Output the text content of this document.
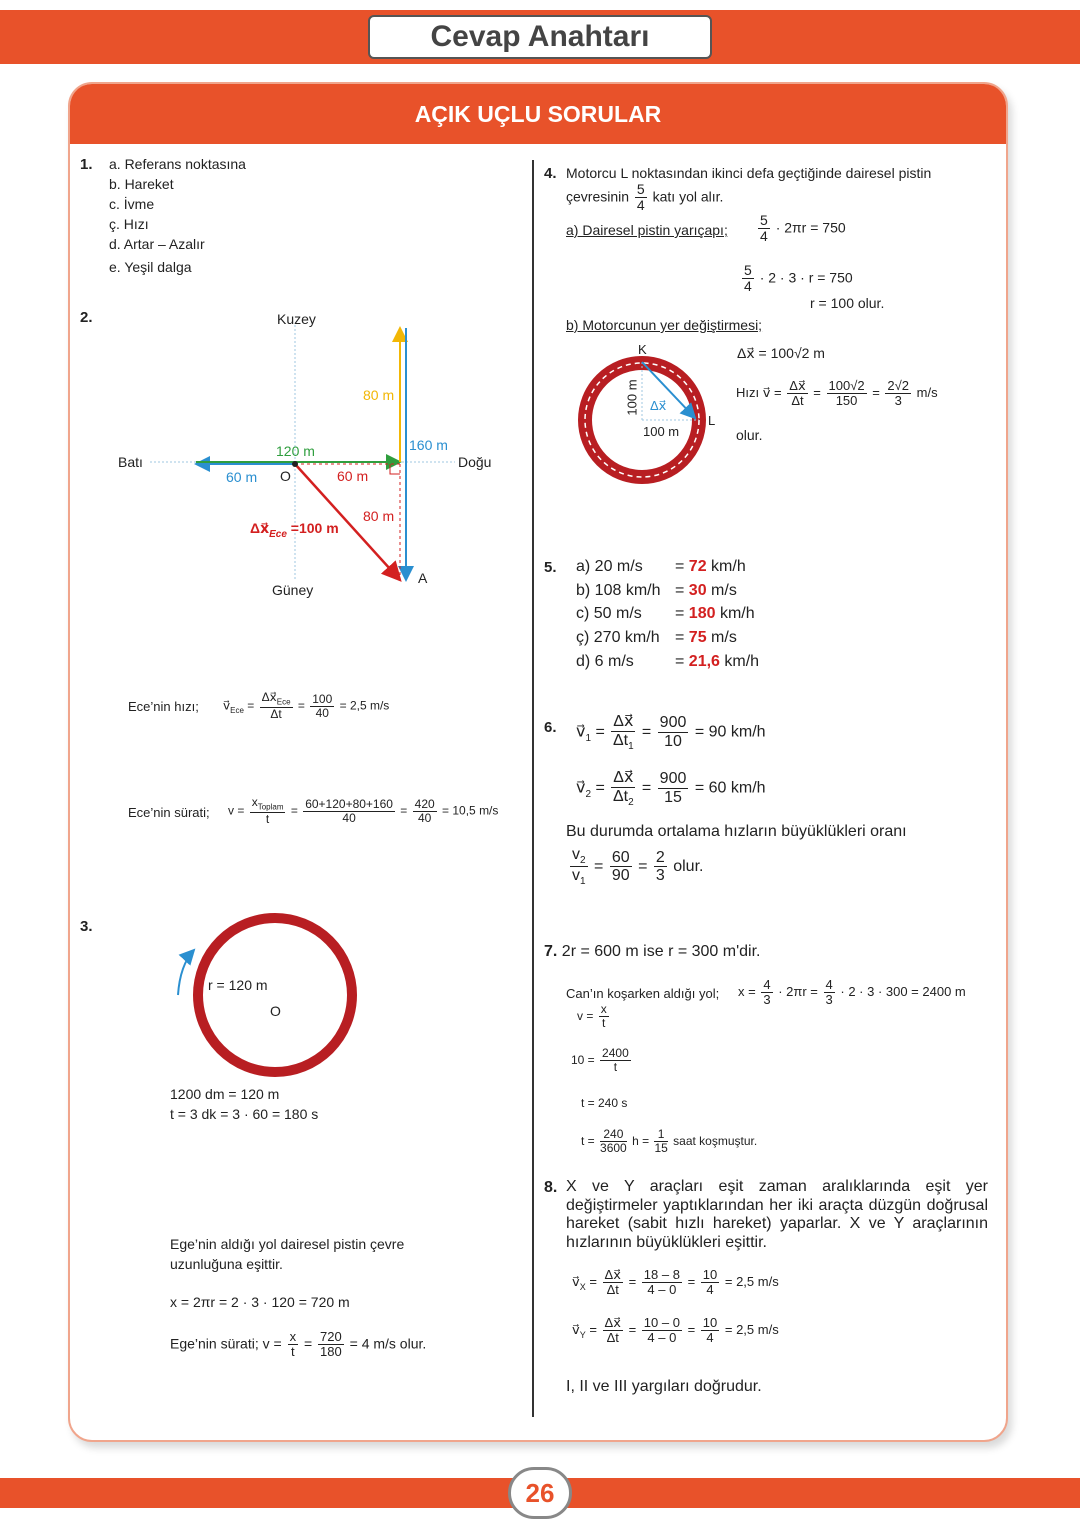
Cevap Anahtarı
AÇIK UÇLU SORULAR
1. a. Referans noktasına
b. Hareket
c. İvme
ç. Hızı
d. Artar – Azalır
e. Yeşil dalga
2.	Kuzey
Güney
Batı	Doğu
O
A
120 m
60 m	60 m
80 m
160 m
80 m
$\Delta x⃗_{Ece} =100$ m
Ece’nin hızı; $v⃗_{Ece} = \frac{\Delta x⃗_{Ece}}{\Delta t} = \frac{100}{40} = 2,5$ m/s
Ece’nin sürati; $v = \frac{x_{Toplam}}{t} = \frac{60+120+80+160}{40} = \frac{420}{40} = 10,5$ m/s
3.
r = 120 m
O
1200 dm = 120 m
t = 3 dk = 3 · 60 = 180 s
Ege’nin aldığı yol dairesel pistin çevre
uzunluğuna eşittir.
x = 2πr = 2 · 3 · 120 = 720 m
Ege’nin sürati; $v = \frac{x}{t} = \frac{720}{180} = 4$ m/s olur.
4. Motorcu L noktasından ikinci defa geçtiğinde dairesel pistin
çevresinin $\frac{5}{4}$ katı yol alır.
a) Dairesel pistin yarıçapı; $\frac{5}{4} \cdot 2\pi r = 750$
$\frac{5}{4} \cdot 2 \cdot 3 \cdot r = 750$
r = 100 olur.
b) Motorcunun yer değiştirmesi;
K
L
100 m
100 m
Δx⃗
Δx⃗ = 100√2 m
Hızı v⃗ = $\frac{\Delta x⃗}{\Delta t} = \frac{100√2}{150} = \frac{2√2}{3} m/s$
olur.
5. a) 20 m/s = 72 km/h
b) 108 km/h = 30 m/s
c) 50 m/s = 180 km/h
ç) 270 km/h = 75 m/s
d) 6 m/s	= 21,6 km/h
6. $v⃗_1 = \frac{\Delta x⃗}{\Delta t_1} = \frac{900}{10} = 90$ km/h
$v⃗_2 = \frac{\Delta x⃗}{\Delta t_2} = \frac{900}{15} = 60$ km/h
Bu durumda ortalama hızların büyüklükleri oranı
$\frac{v_2}{v_1} = \frac{60}{90} = \frac{2}{3}$ olur.
7. 2r = 600 m ise r = 300 m'dir.
Can’ın koşarken aldığı yol; $x = \frac{4}{3} \cdot 2\pi r = \frac{4}{3} \cdot 2 \cdot 3 \cdot 300 = 2400$ m
$v = \frac{x}{t}$
$10 = \frac{2400}{t}$
t = 240 s
$t = \frac{240}{3600}$ $h = \frac{1}{15}$ saat koşmuştur.
8. X ve Y araçları eşit zaman aralıklarında eşit yer değiştirmeler yaptıklarından her iki araçta düzgün doğrusal hareket (sabit hızlı hareket) yaparlar. X ve Y araçlarının hızlarının büyüklükleri eşittir.
$v⃗_X = \frac{\Delta x⃗}{\Delta t} = \frac{18 - 8}{4 - 0} = \frac{10}{4} = 2,5$ m/s
$v⃗_Y = \frac{\Delta x⃗}{\Delta t} = \frac{10 - 0}{4 - 0} = \frac{10}{4} = 2,5$ m/s
I, II ve III yargıları doğrudur.
26
